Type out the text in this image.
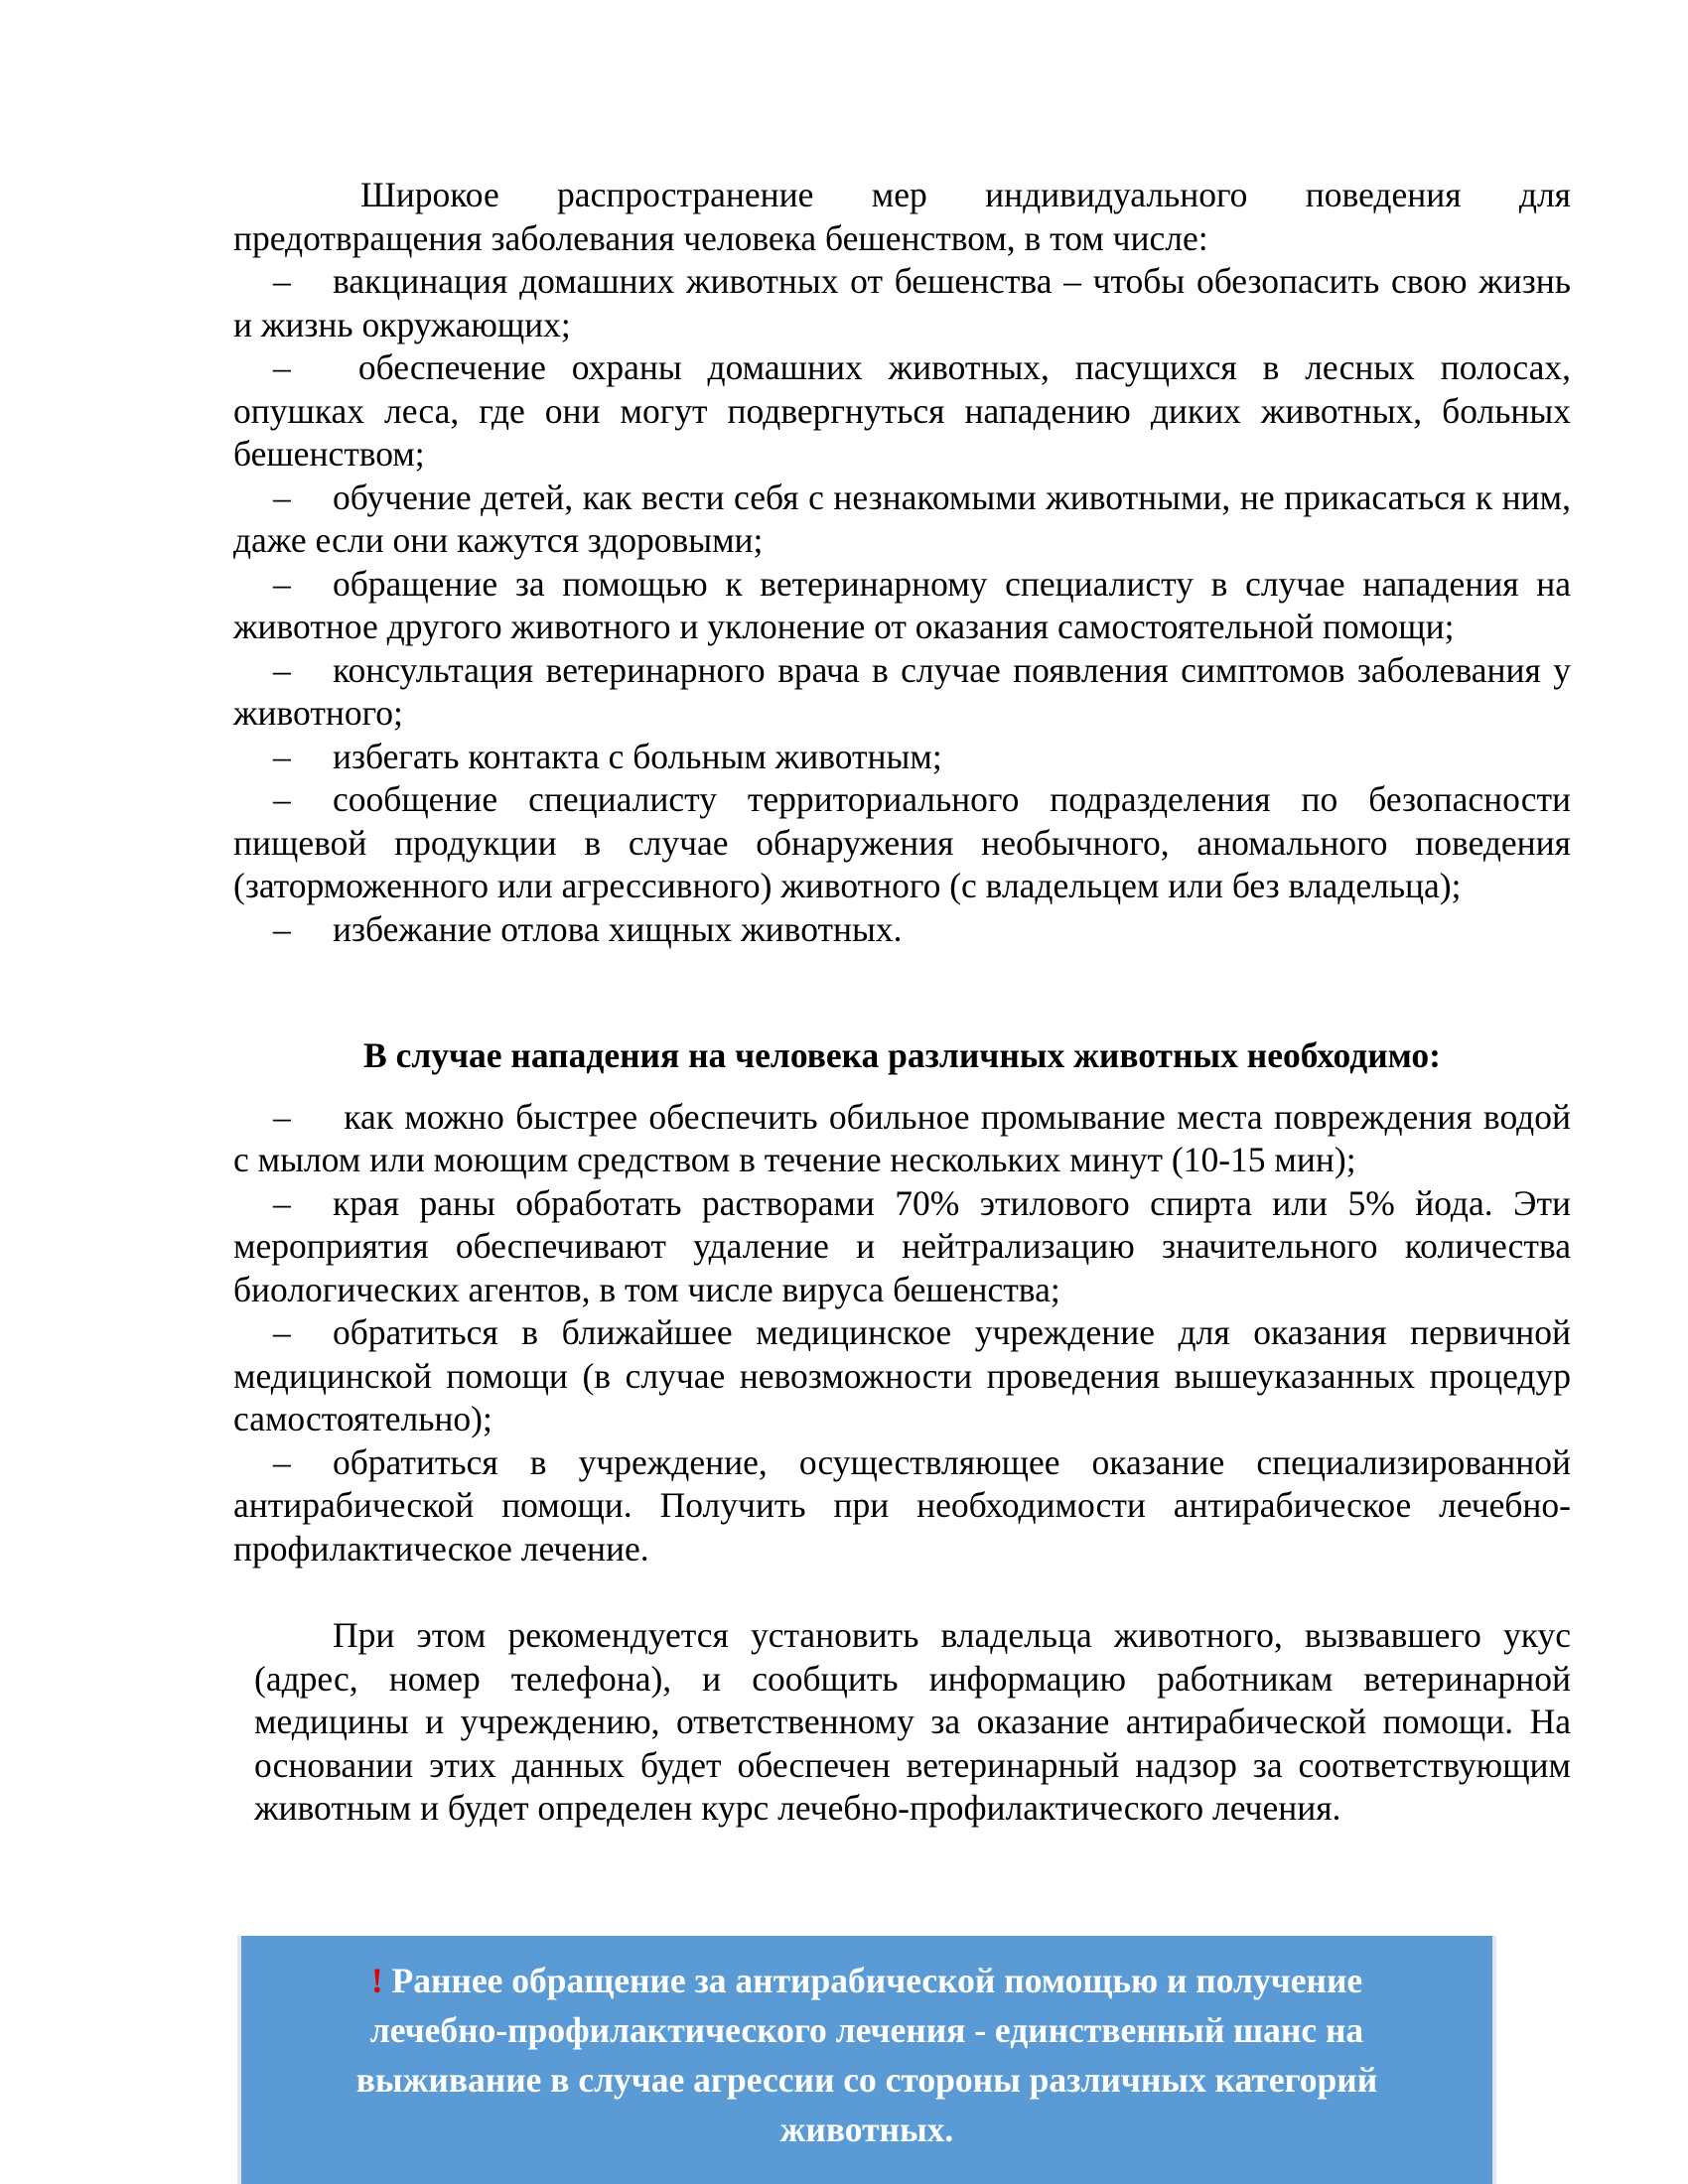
Широкое распространение мер индивидуального поведения для предотвращения заболевания человека бешенством, в том числе:

– вакцинация домашних животных от бешенства – чтобы обезопасить свою жизнь и жизнь окружающих;

– обеспечение охраны домашних животных, пасущихся в лесных полосах, опушках леса, где они могут подвергнуться нападению диких животных, больных бешенством;

– обучение детей, как вести себя с незнакомыми животными, не прикасаться к ним, даже если они кажутся здоровыми;

– обращение за помощью к ветеринарному специалисту в случае нападения на животное другого животного и уклонение от оказания самостоятельной помощи;

– консультация ветеринарного врача в случае появления симптомов заболевания у животного;

– избегать контакта с больным животным;

– сообщение специалисту территориального подразделения по безопасности пищевой продукции в случае обнаружения необычного, аномального поведения (заторможенного или агрессивного) животного (с владельцем или без владельца);

– избежание отлова хищных животных.

В случае нападения на человека различных животных необходимо:

– как можно быстрее обеспечить обильное промывание места повреждения водой с мылом или моющим средством в течение нескольких минут (10-15 мин);

– края раны обработать растворами 70% этилового спирта или 5% йода. Эти мероприятия обеспечивают удаление и нейтрализацию значительного количества биологических агентов, в том числе вируса бешенства;

– обратиться в ближайшее медицинское учреждение для оказания первичной медицинской помощи (в случае невозможности проведения вышеуказанных процедур самостоятельно);

– обратиться в учреждение, осуществляющее оказание специализированной антирабической помощи. Получить при необходимости антирабическое лечебно-профилактическое лечение.

При этом рекомендуется установить владельца животного, вызвавшего укус (адрес, номер телефона), и сообщить информацию работникам ветеринарной медицины и учреждению, ответственному за оказание антирабической помощи. На основании этих данных будет обеспечен ветеринарный надзор за соответствующим животным и будет определен курс лечебно-профилактического лечения.

! Раннее обращение за антирабической помощью и получение лечебно-профилактического лечения - единственный шанс на выживание в случае агрессии со стороны различных категорий животных.
